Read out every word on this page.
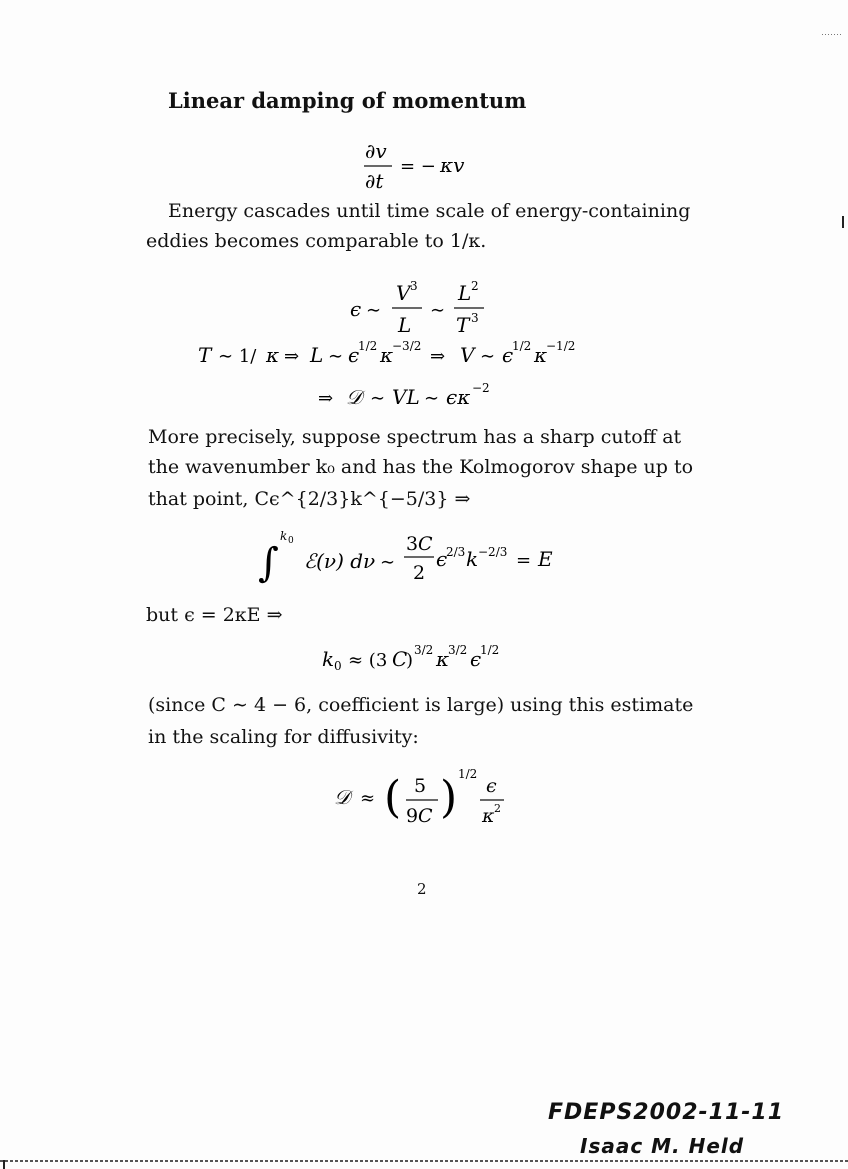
Linear damping of momentum
∂v
∂t
= − κv
Energy cascades until time scale of energy-containing
eddies becomes comparable to 1/κ.
ϵ ∼
V 3
L
∼
L 2
T 3
T ∼ 1/ κ ⇒ L ∼ ϵ
1/2 κ
−3/2 ⇒ V ∼ ϵ
1/2 κ
−1/2
⇒ 𝒟 ∼ VL ∼ ϵκ −2
More precisely, suppose spectrum has a sharp cutoff at
the wavenumber k₀ and has the Kolmogorov shape up to
that point, Cϵ^{2/3}k^{−5/3} ⇒
∫
k 0
ℰ(ν) dν ∼
3 C
2
ϵ
2/3 k −2/3 = E
but ϵ = 2κE ⇒
k 0 ≈ (3 C
) 3/2 κ
3/2 ϵ
1/2
(since C ∼ 4 − 6, coefficient is large) using this estimate
in the scaling for diffusivity:
𝒟 ≈ ( 5
9 C ) 1/2
ϵ
κ 2
2
FDEPS2002-11-11
Isaac M. Held
